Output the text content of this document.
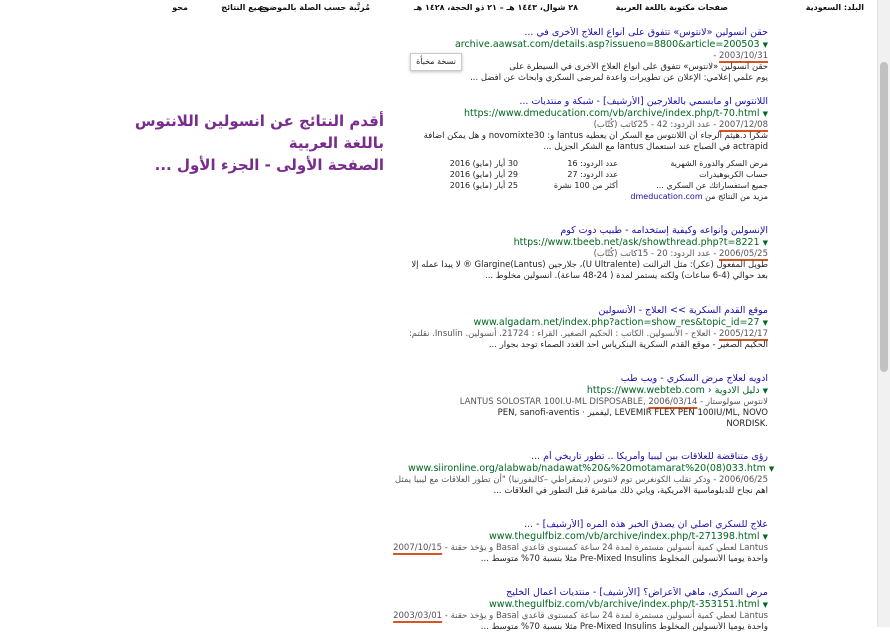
البلد: السعودية
صفحات مكتوبة باللغة العربية
٢٨ شوال، ١٤٤٣ هـ – ٢١ ذو الحجة، ١٤٢٨ هـ
مُرتَّبة حسب الصلة بالموضوع
جميع النتائج
محو
أقدم النتائج عن انسولين اللانتوس باللغة العربية
الصفحة الأولى - الجزء الأول ...
نسخة مخبأة
حقن أنسولين «لانتوس» تتفوق على أنواع العلاج الأخرى في ...
archive.aawsat.com/details.asp?issueno=8800&article=200503 ▼
2003/10/31 -
حقن أنسولين «لانتوس» تتفوق على أنواع العلاج الأخرى في السيطرة على
يوم علمي إعلامي: الإعلان عن تطويرات واعدة لمرضى السكري وأبحاث عن أفضل ...
اللانتوس او مابسمي بالعلارجين [الأرشيف] - شبكة و منتديات ...
https://www.dmeducation.com/vb/archive/index.php/t-70.html ▼
2007/12/08 - عدد الردود: 42 - 25كاتب (كُتّاب)
شكرا د.هيثم الرجاء أن اللانتوس مع السكر أن يعطيه lantus و: novomixte30 و هل يمكن اضافة
actrapid في الصباح عند استعمال lantus مع الشكر الجزيل ...
مرض السكر والدورة الشهرية
عدد الردود: 16
30 أيار (مايو) 2016
حساب الكربوهيدرات
عدد الردود: 27
29 أيار (مايو) 2016
جميع استفساراتك عن السكري ...
أكثر من 100 نشرة
25 أيار (مايو) 2016
مزيد من النتائج من dmeducation.com
الإنسولين وأنواعه وكيفية إستخدامه - طبيب دوت كوم
https://www.tbeeb.net/ask/showthread.php?t=8221 ▼
2006/05/25 - عدد الردود: 20 - 15كاتب (كُتّاب)
طويل المفعول (عكر): مثل الترالنت (U Ultralente)، جلارجين (Glargine(Lantus ® لا يبدأ عمله إلا
بعد حوالي (4-6 ساعات) ولكنه يستمر لمدة ( 24-48 ساعة). أنسولين مخلوط ...
موقع القدم السكرية >> العلاج - الأنسولين
www.algadam.net/index.php?action=show_res&topic_id=27 ▼
2005/12/17 - العلاج - الأنسولين. الكاتب : الحكيم الصغير. القراء : 21724. أنسولين. Insulin. نقلتم:
الحكيم الصغير - موقع القدم السكرية البنكرياس أحد الغدد الصماء توجد بجوار ...
ادويه لعلاج مرض السكري - ويب طب
https://www.webteb.com › دليل الادوية ▼
LANTUS SOLOSTAR 100I.U-ML DISPOSABLE, لانتوس سولوستار - 2006/03/14
PEN, sanofi-aventis · ليفمير, LEVEMIR FLEX PEN 100IU/ML, NOVO
NORDISK.
رؤى متناقضة للعلاقات بين ليبيا وأمريكا .. تطور تاريخي أم ...
www.siironline.org/alabwab/nadawat%20&%20motamarat%20(08)033.htm ▼
2006/06/25 - ودكر تقلب الكونغرس توم لانتوس (ديمقراطي –كاليفورنيا) "أن تطور العلاقات مع ليبيا يمثل
أهم نجاح للدبلوماسية الأمريكية، ويأتي ذلك مباشرة قبل التطور في العلاقات ...
علاج للسكري اصلي ان يصدق الخبر هذه المره [الأرشيف] - ...
www.thegulfbiz.com/vb/archive/index.php/t-271398.html ▼
Lantus لعطي كمية أنسولين مستمرة لمدة 24 ساعة كمستوى قاعدي Basal و يؤخذ حقنة - 2007/10/15
واحدة يوميا الأنسولين المخلوط Pre-Mixed Insulins مثلا بنسبة 70% متوسط ...
مرض السكري، ماهي الأعراض؟ [الأرشيف] - منتديات أعمال الخليج
www.thegulfbiz.com/vb/archive/index.php/t-353151.html ▼
Lantus لعطي كمية أنسولين مستمرة لمدة 24 ساعة كمستوى قاعدي Basal و يؤخذ حقنة - 2003/03/01
واحدة يوميا الأنسولين المخلوط Pre-Mixed Insulins مثلا بنسبة 70% متوسط ...
